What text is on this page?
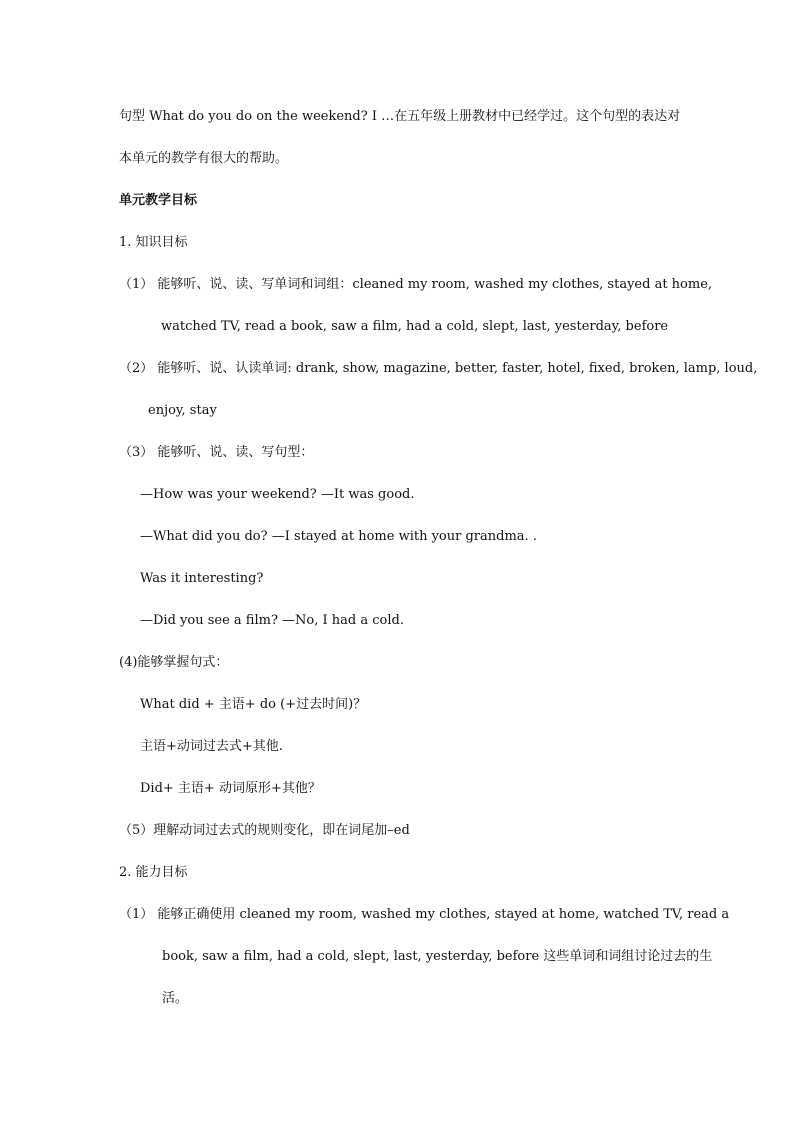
句型 What do you do on the weekend? I …在五年级上册教材中已经学过。这个句型的表达对
本单元的教学有很大的帮助。
单元教学目标
1. 知识目标
（1） 能够听、说、读、写单词和词组：cleaned my room, washed my clothes, stayed at home,
watched TV, read a book, saw a film, had a cold, slept, last, yesterday, before
（2） 能够听、说、认读单词: drank, show, magazine, better, faster, hotel, fixed, broken, lamp, loud,
enjoy, stay
（3） 能够听、说、读、写句型：
—How was your weekend? —It was good.
—What did you do? —I stayed at home with your grandma. .
Was it interesting?
—Did you see a film? —No, I had a cold.
(4)能够掌握句式：
What did + 主语+ do (+过去时间)？
主语+动词过去式+其他.
Did+ 主语+ 动词原形+其他？
（5）理解动词过去式的规则变化，即在词尾加–ed
2. 能力目标
（1） 能够正确使用 cleaned my room, washed my clothes, stayed at home, watched TV, read a
book, saw a film, had a cold, slept, last, yesterday, before 这些单词和词组讨论过去的生
活。
